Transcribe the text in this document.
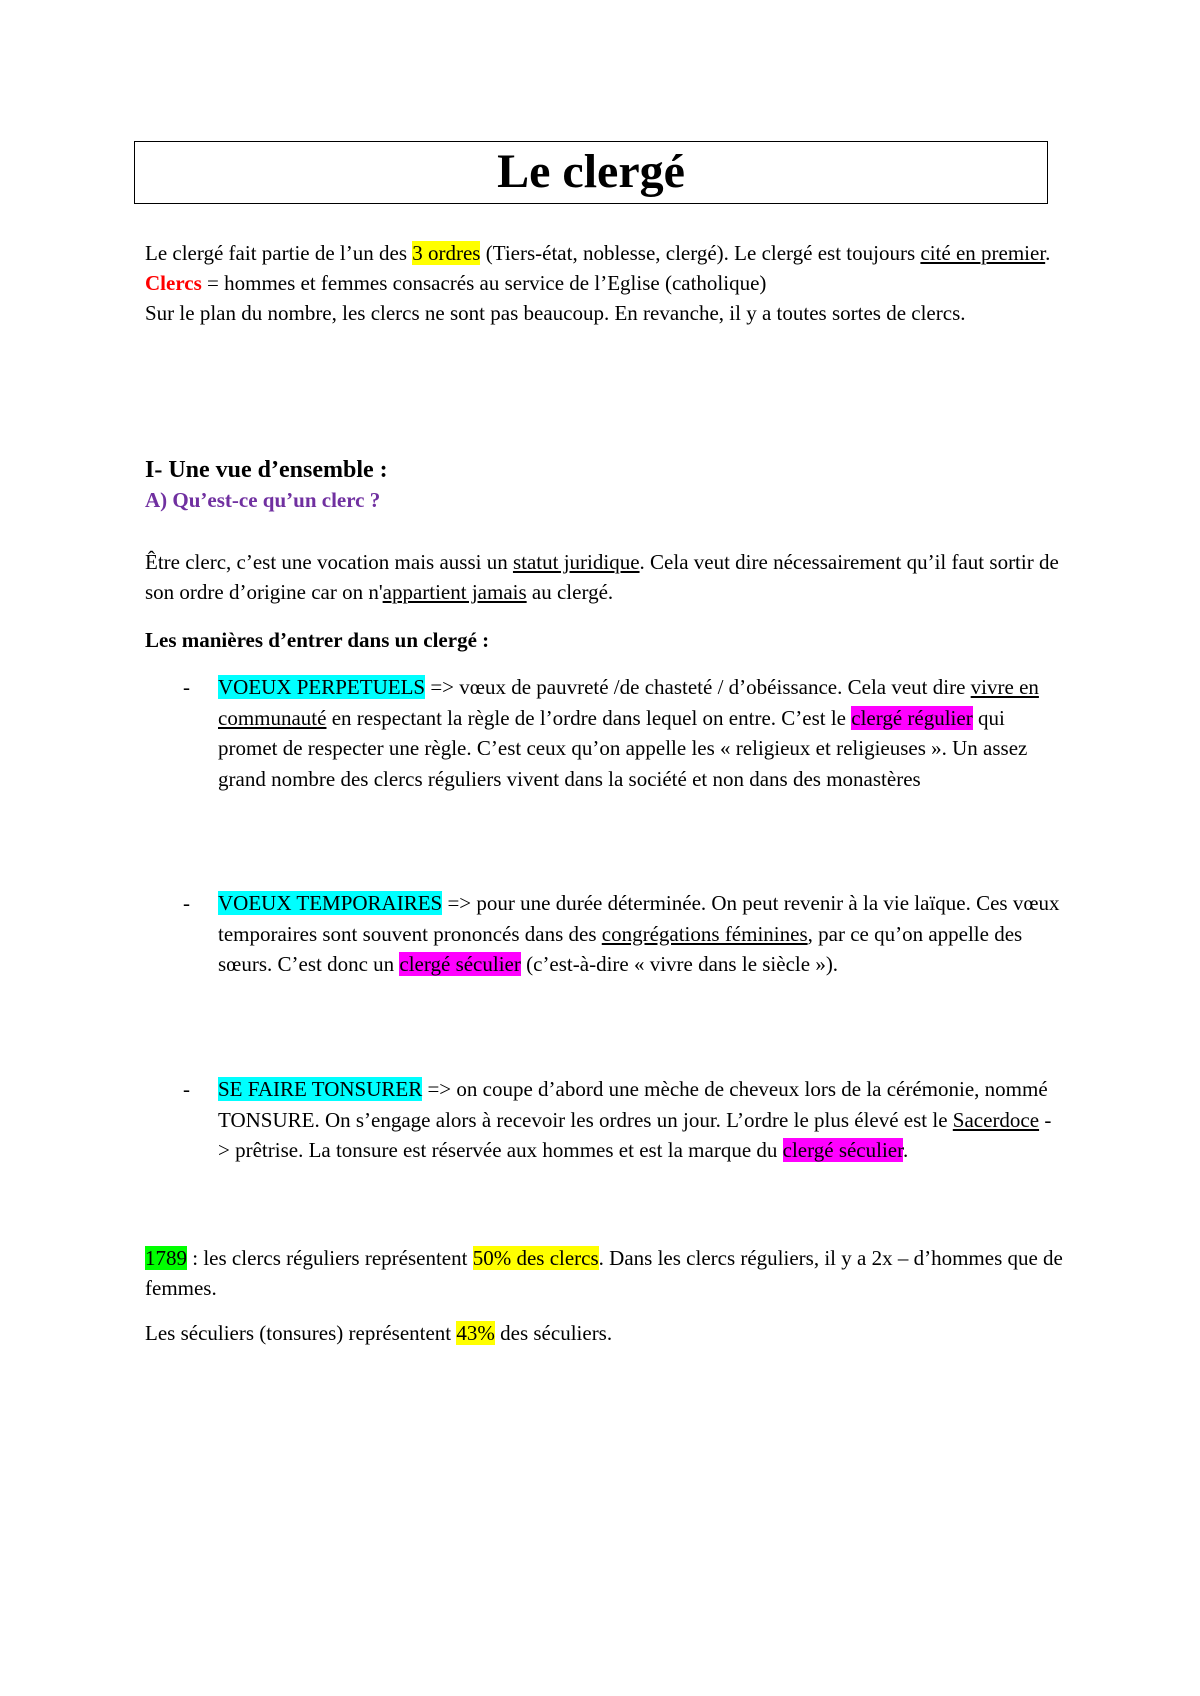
Le clergé

Le clergé fait partie de l’un des 3 ordres (Tiers-état, noblesse, clergé). Le clergé est toujours cité en premier.

Clercs = hommes et femmes consacrés au service de l’Eglise (catholique)

Sur le plan du nombre, les clercs ne sont pas beaucoup. En revanche, il y a toutes sortes de clercs.

I- Une vue d’ensemble :

A) Qu’est-ce qu’un clerc ?

Être clerc, c’est une vocation mais aussi un statut juridique. Cela veut dire nécessairement qu’il faut sortir de son ordre d’origine car on n'appartient jamais au clergé.

Les manières d’entrer dans un clergé :

- VOEUX PERPETUELS => vœux de pauvreté /de chasteté / d’obéissance. Cela veut dire vivre en communauté en respectant la règle de l’ordre dans lequel on entre. C’est le clergé régulier qui promet de respecter une règle. C’est ceux qu’on appelle les « religieux et religieuses ». Un assez grand nombre des clercs réguliers vivent dans la société et non dans des monastères
- VOEUX TEMPORAIRES => pour une durée déterminée. On peut revenir à la vie laïque. Ces vœux temporaires sont souvent prononcés dans des congrégations féminines, par ce qu’on appelle des sœurs. C’est donc un clergé séculier (c’est-à-dire « vivre dans le siècle »).
- SE FAIRE TONSURER => on coupe d’abord une mèche de cheveux lors de la cérémonie, nommé TONSURE. On s’engage alors à recevoir les ordres un jour. L’ordre le plus élevé est le Sacerdoce -> prêtrise. La tonsure est réservée aux hommes et est la marque du clergé séculier.

1789 : les clercs réguliers représentent 50% des clercs. Dans les clercs réguliers, il y a 2x – d’hommes que de femmes.

Les séculiers (tonsures) représentent 43% des séculiers.
